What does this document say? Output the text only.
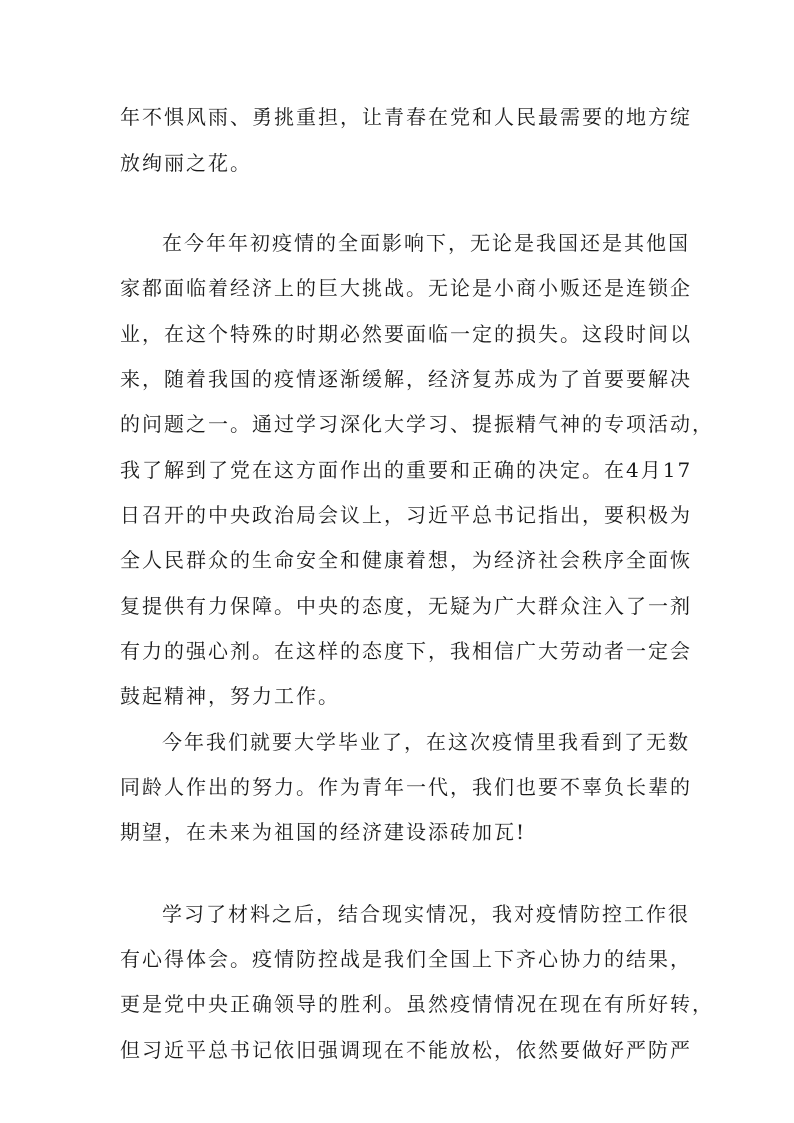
年不惧风雨、勇挑重担，让青春在党和人民最需要的地方绽
放绚丽之花。
在今年年初疫情的全面影响下，无论是我国还是其他国
家都面临着经济上的巨大挑战。无论是小商小贩还是连锁企
业，在这个特殊的时期必然要面临一定的损失。这段时间以
来，随着我国的疫情逐渐缓解，经济复苏成为了首要要解决
的问题之一。通过学习深化大学习、提振精气神的专项活动，
我了解到了党在这方面作出的重要和正确的决定。在4月17
日召开的中央政治局会议上，习近平总书记指出，要积极为
全人民群众的生命安全和健康着想，为经济社会秩序全面恢
复提供有力保障。中央的态度，无疑为广大群众注入了一剂
有力的强心剂。在这样的态度下，我相信广大劳动者一定会
鼓起精神，努力工作。
今年我们就要大学毕业了，在这次疫情里我看到了无数
同龄人作出的努力。作为青年一代，我们也要不辜负长辈的
期望，在未来为祖国的经济建设添砖加瓦!
学习了材料之后，结合现实情况，我对疫情防控工作很
有心得体会。疫情防控战是我们全国上下齐心协力的结果，
更是党中央正确领导的胜利。虽然疫情情况在现在有所好转，
但习近平总书记依旧强调现在不能放松，依然要做好严防严
